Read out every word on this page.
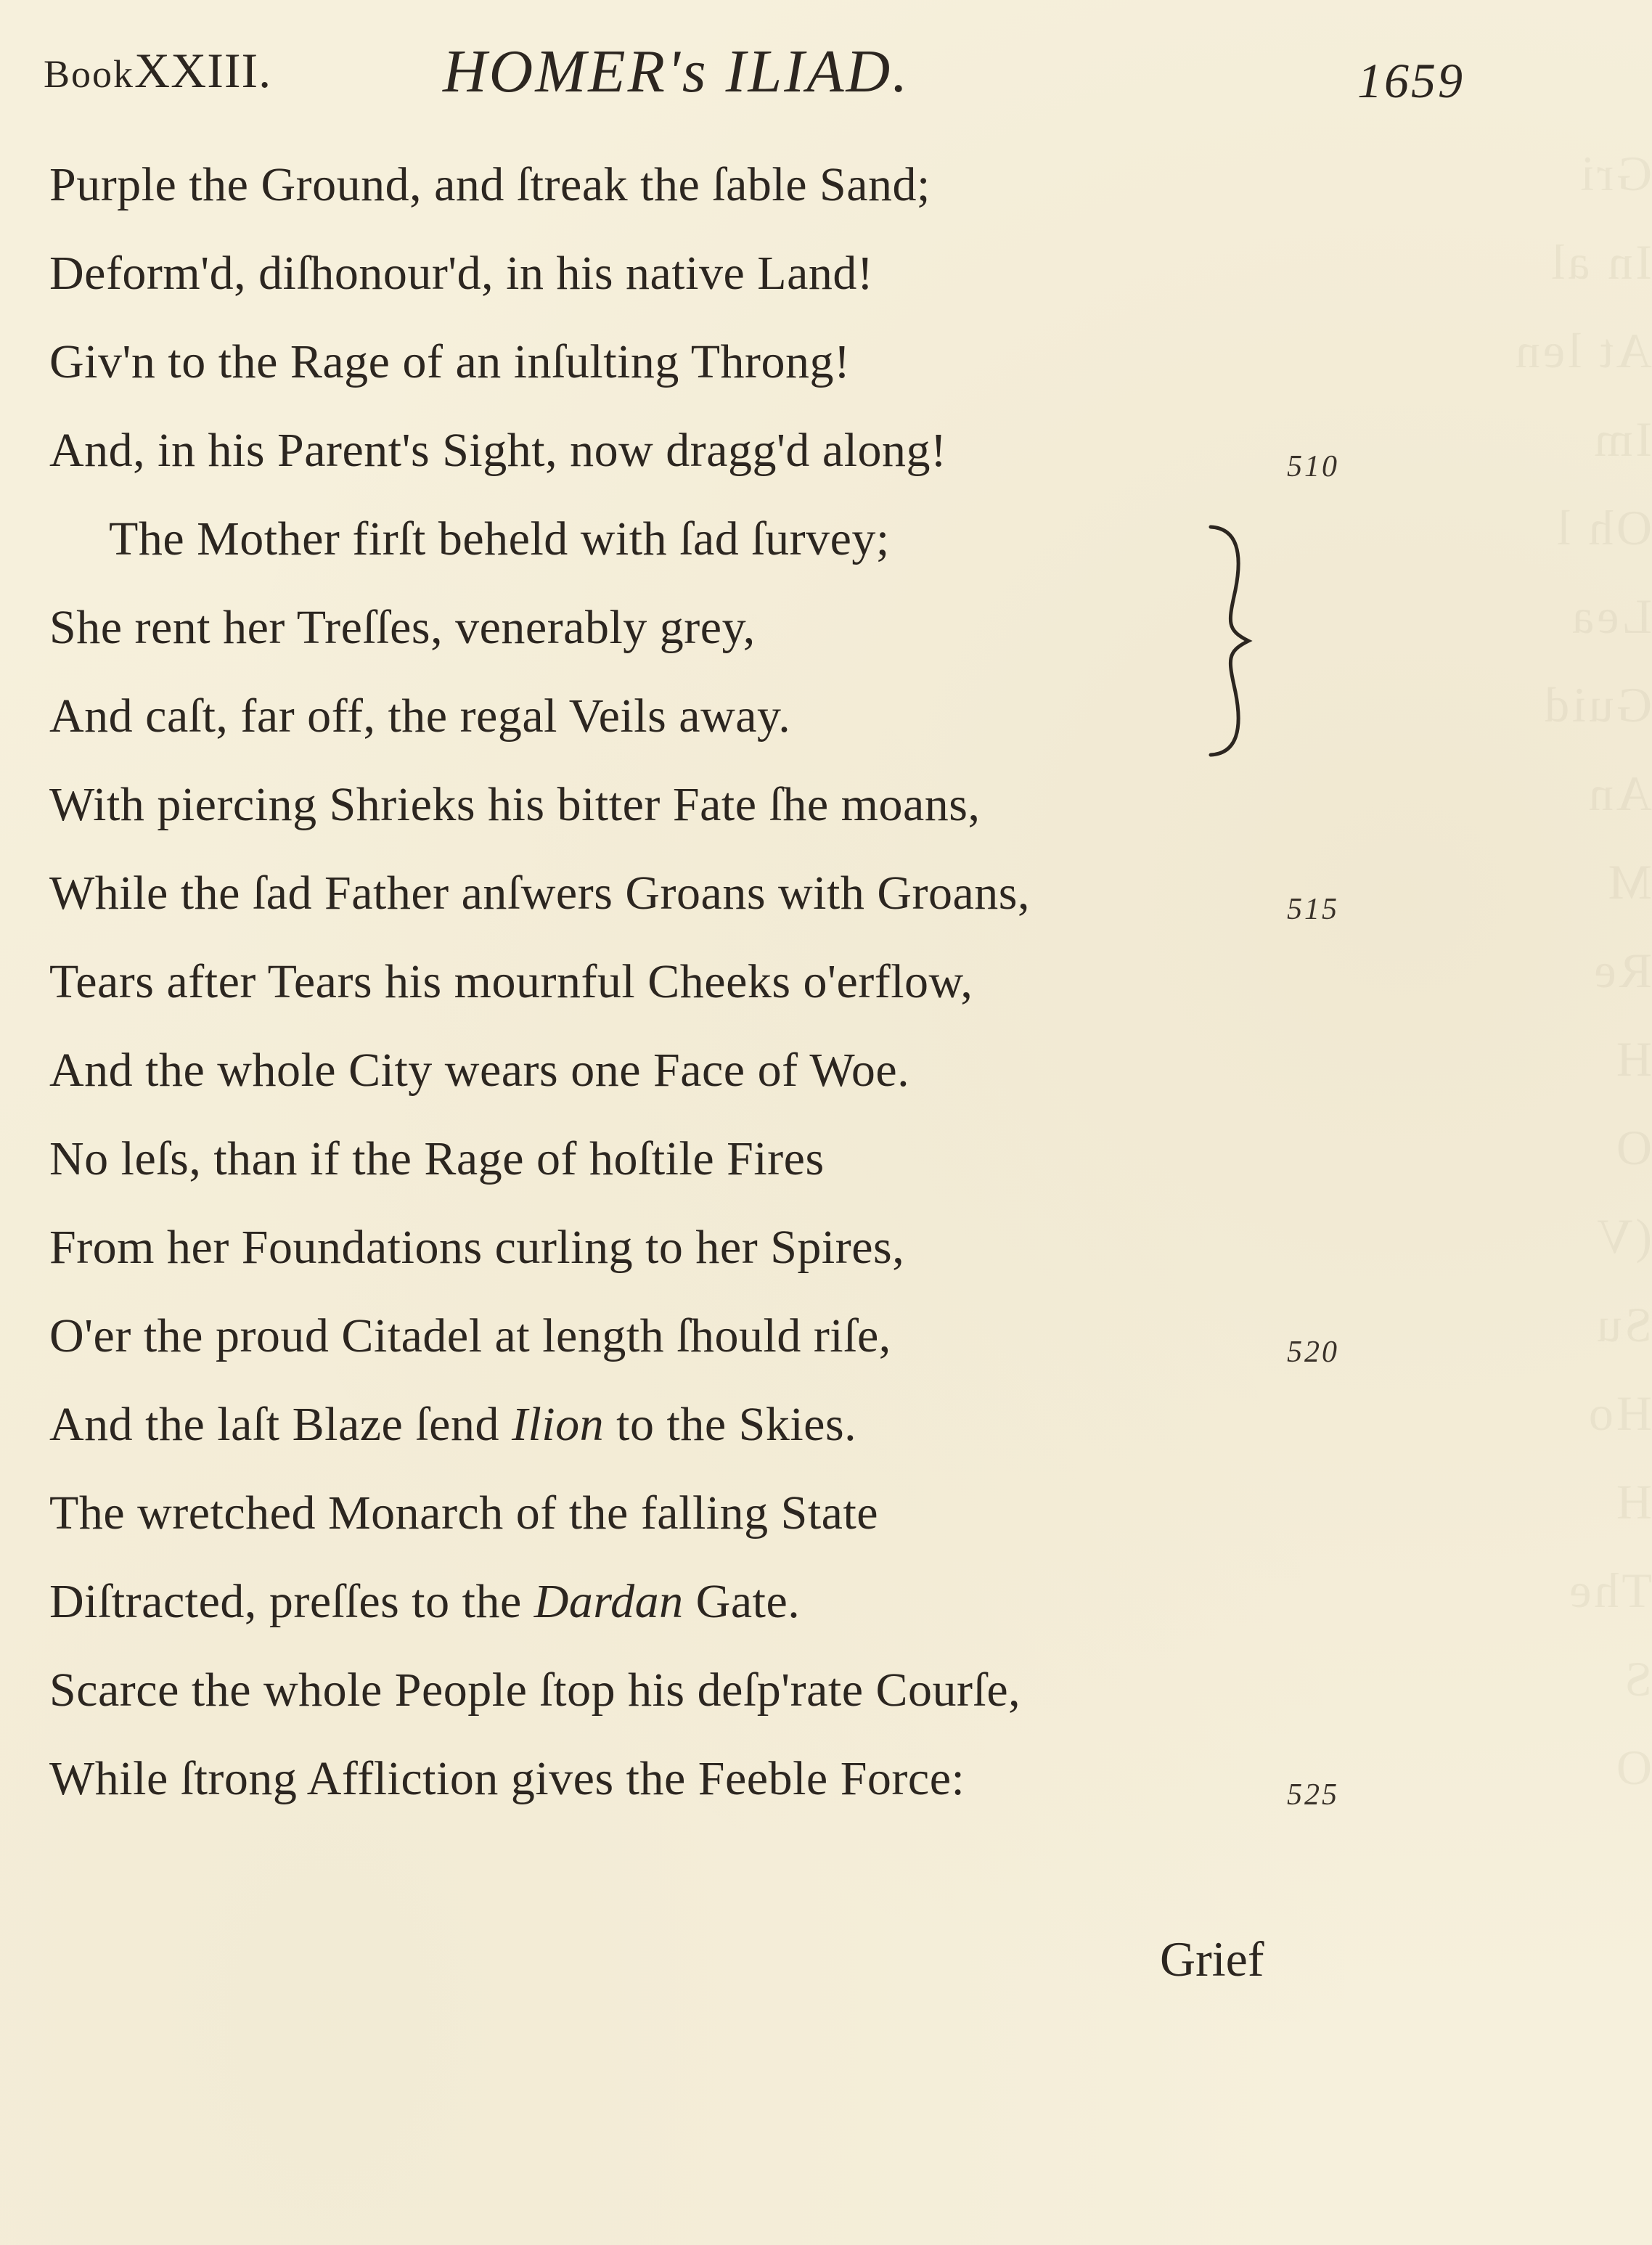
Gri
In al
At len
Im
Oh l
Lea
Guid
An
M
Re
H
O
(V
Su
Ho
H
The
S
O
BookXXIII.	HOMER's ILIAD.	1659
Purple the Ground, and ſtreak the ſable Sand;
Deform'd, diſhonour'd, in his native Land!
Giv'n to the Rage of an inſulting Throng!
And, in his Parent's Sight, now dragg'd along!	510
The Mother firſt beheld with ſad ſurvey;
She rent her Treſſes, venerably grey,
And caſt, far off, the regal Veils away.
With piercing Shrieks his bitter Fate ſhe moans,
While the ſad Father anſwers Groans with Groans,	515
Tears after Tears his mournful Cheeks o'erflow,
And the whole City wears one Face of Woe.
No leſs, than if the Rage of hoſtile Fires
From her Foundations curling to her Spires,
O'er the proud Citadel at length ſhould riſe,	520
And the laſt Blaze ſend Ilion to the Skies.
The wretched Monarch of the falling State
Diſtracted, preſſes to the Dardan Gate.
Scarce the whole People ſtop his deſp'rate Courſe,
While ſtrong Affliction gives the Feeble Force:	525
Grief
